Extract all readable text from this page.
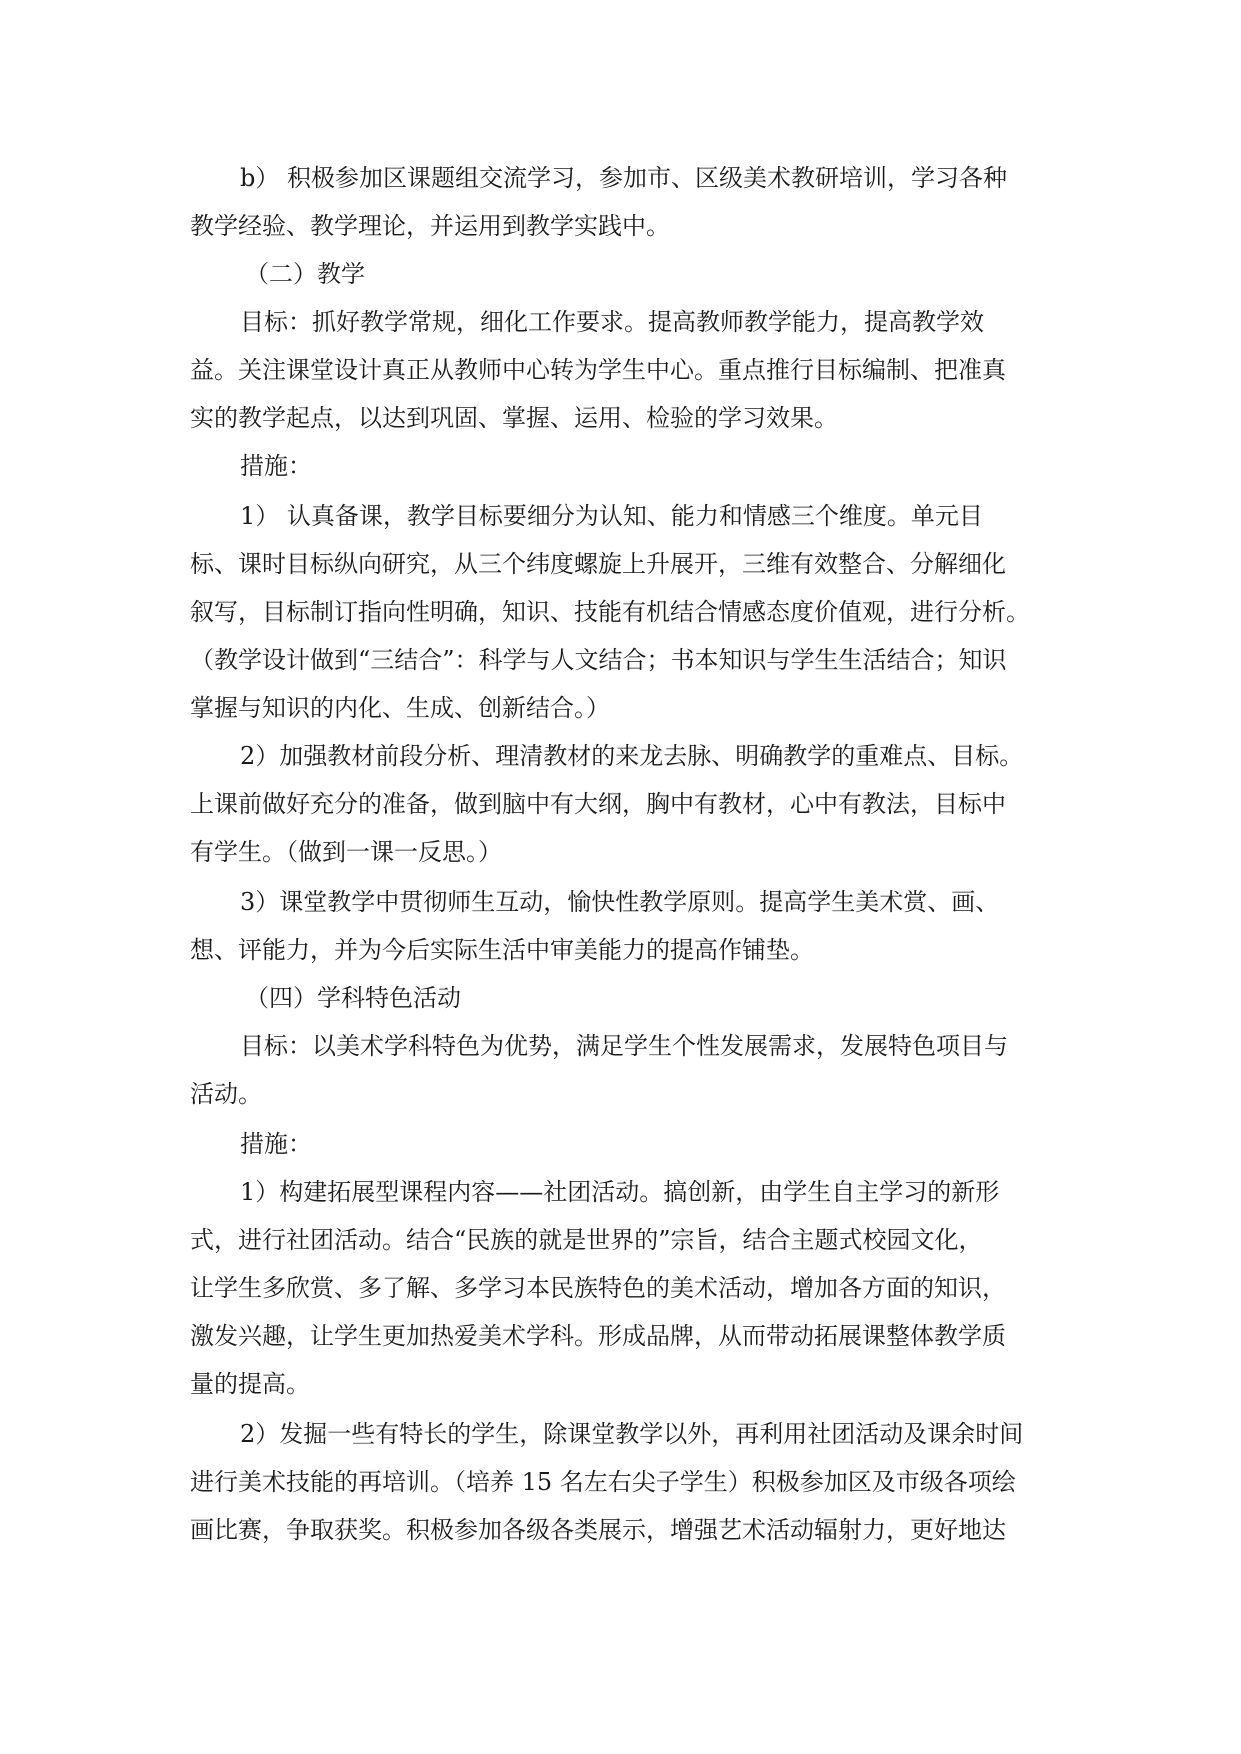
b） 积极参加区课题组交流学习，参加市、区级美术教研培训，学习各种
教学经验、教学理论，并运用到教学实践中。
（二）教学
目标：抓好教学常规，细化工作要求。提高教师教学能力，提高教学效
益。关注课堂设计真正从教师中心转为学生中心。重点推行目标编制、把准真
实的教学起点，以达到巩固、掌握、运用、检验的学习效果。
措施：
1） 认真备课，教学目标要细分为认知、能力和情感三个维度。单元目
标、课时目标纵向研究，从三个纬度螺旋上升展开，三维有效整合、分解细化
叙写，目标制订指向性明确，知识、技能有机结合情感态度价值观，进行分析。
（教学设计做到“三结合”：科学与人文结合；书本知识与学生生活结合；知识
掌握与知识的内化、生成、创新结合。）
2）加强教材前段分析、理清教材的来龙去脉、明确教学的重难点、目标。
上课前做好充分的准备，做到脑中有大纲，胸中有教材，心中有教法，目标中
有学生。（做到一课一反思。）
3）课堂教学中贯彻师生互动，愉快性教学原则。提高学生美术赏、画、
想、评能力，并为今后实际生活中审美能力的提高作铺垫。
（四）学科特色活动
目标：以美术学科特色为优势，满足学生个性发展需求，发展特色项目与
活动。
措施：
1）构建拓展型课程内容——社团活动。搞创新，由学生自主学习的新形
式，进行社团活动。结合“民族的就是世界的”宗旨，结合主题式校园文化，
让学生多欣赏、多了解、多学习本民族特色的美术活动，增加各方面的知识，
激发兴趣，让学生更加热爱美术学科。形成品牌，从而带动拓展课整体教学质
量的提高。
2）发掘一些有特长的学生，除课堂教学以外，再利用社团活动及课余时间
进行美术技能的再培训。（培养 15 名左右尖子学生）积极参加区及市级各项绘
画比赛，争取获奖。积极参加各级各类展示，增强艺术活动辐射力，更好地达
